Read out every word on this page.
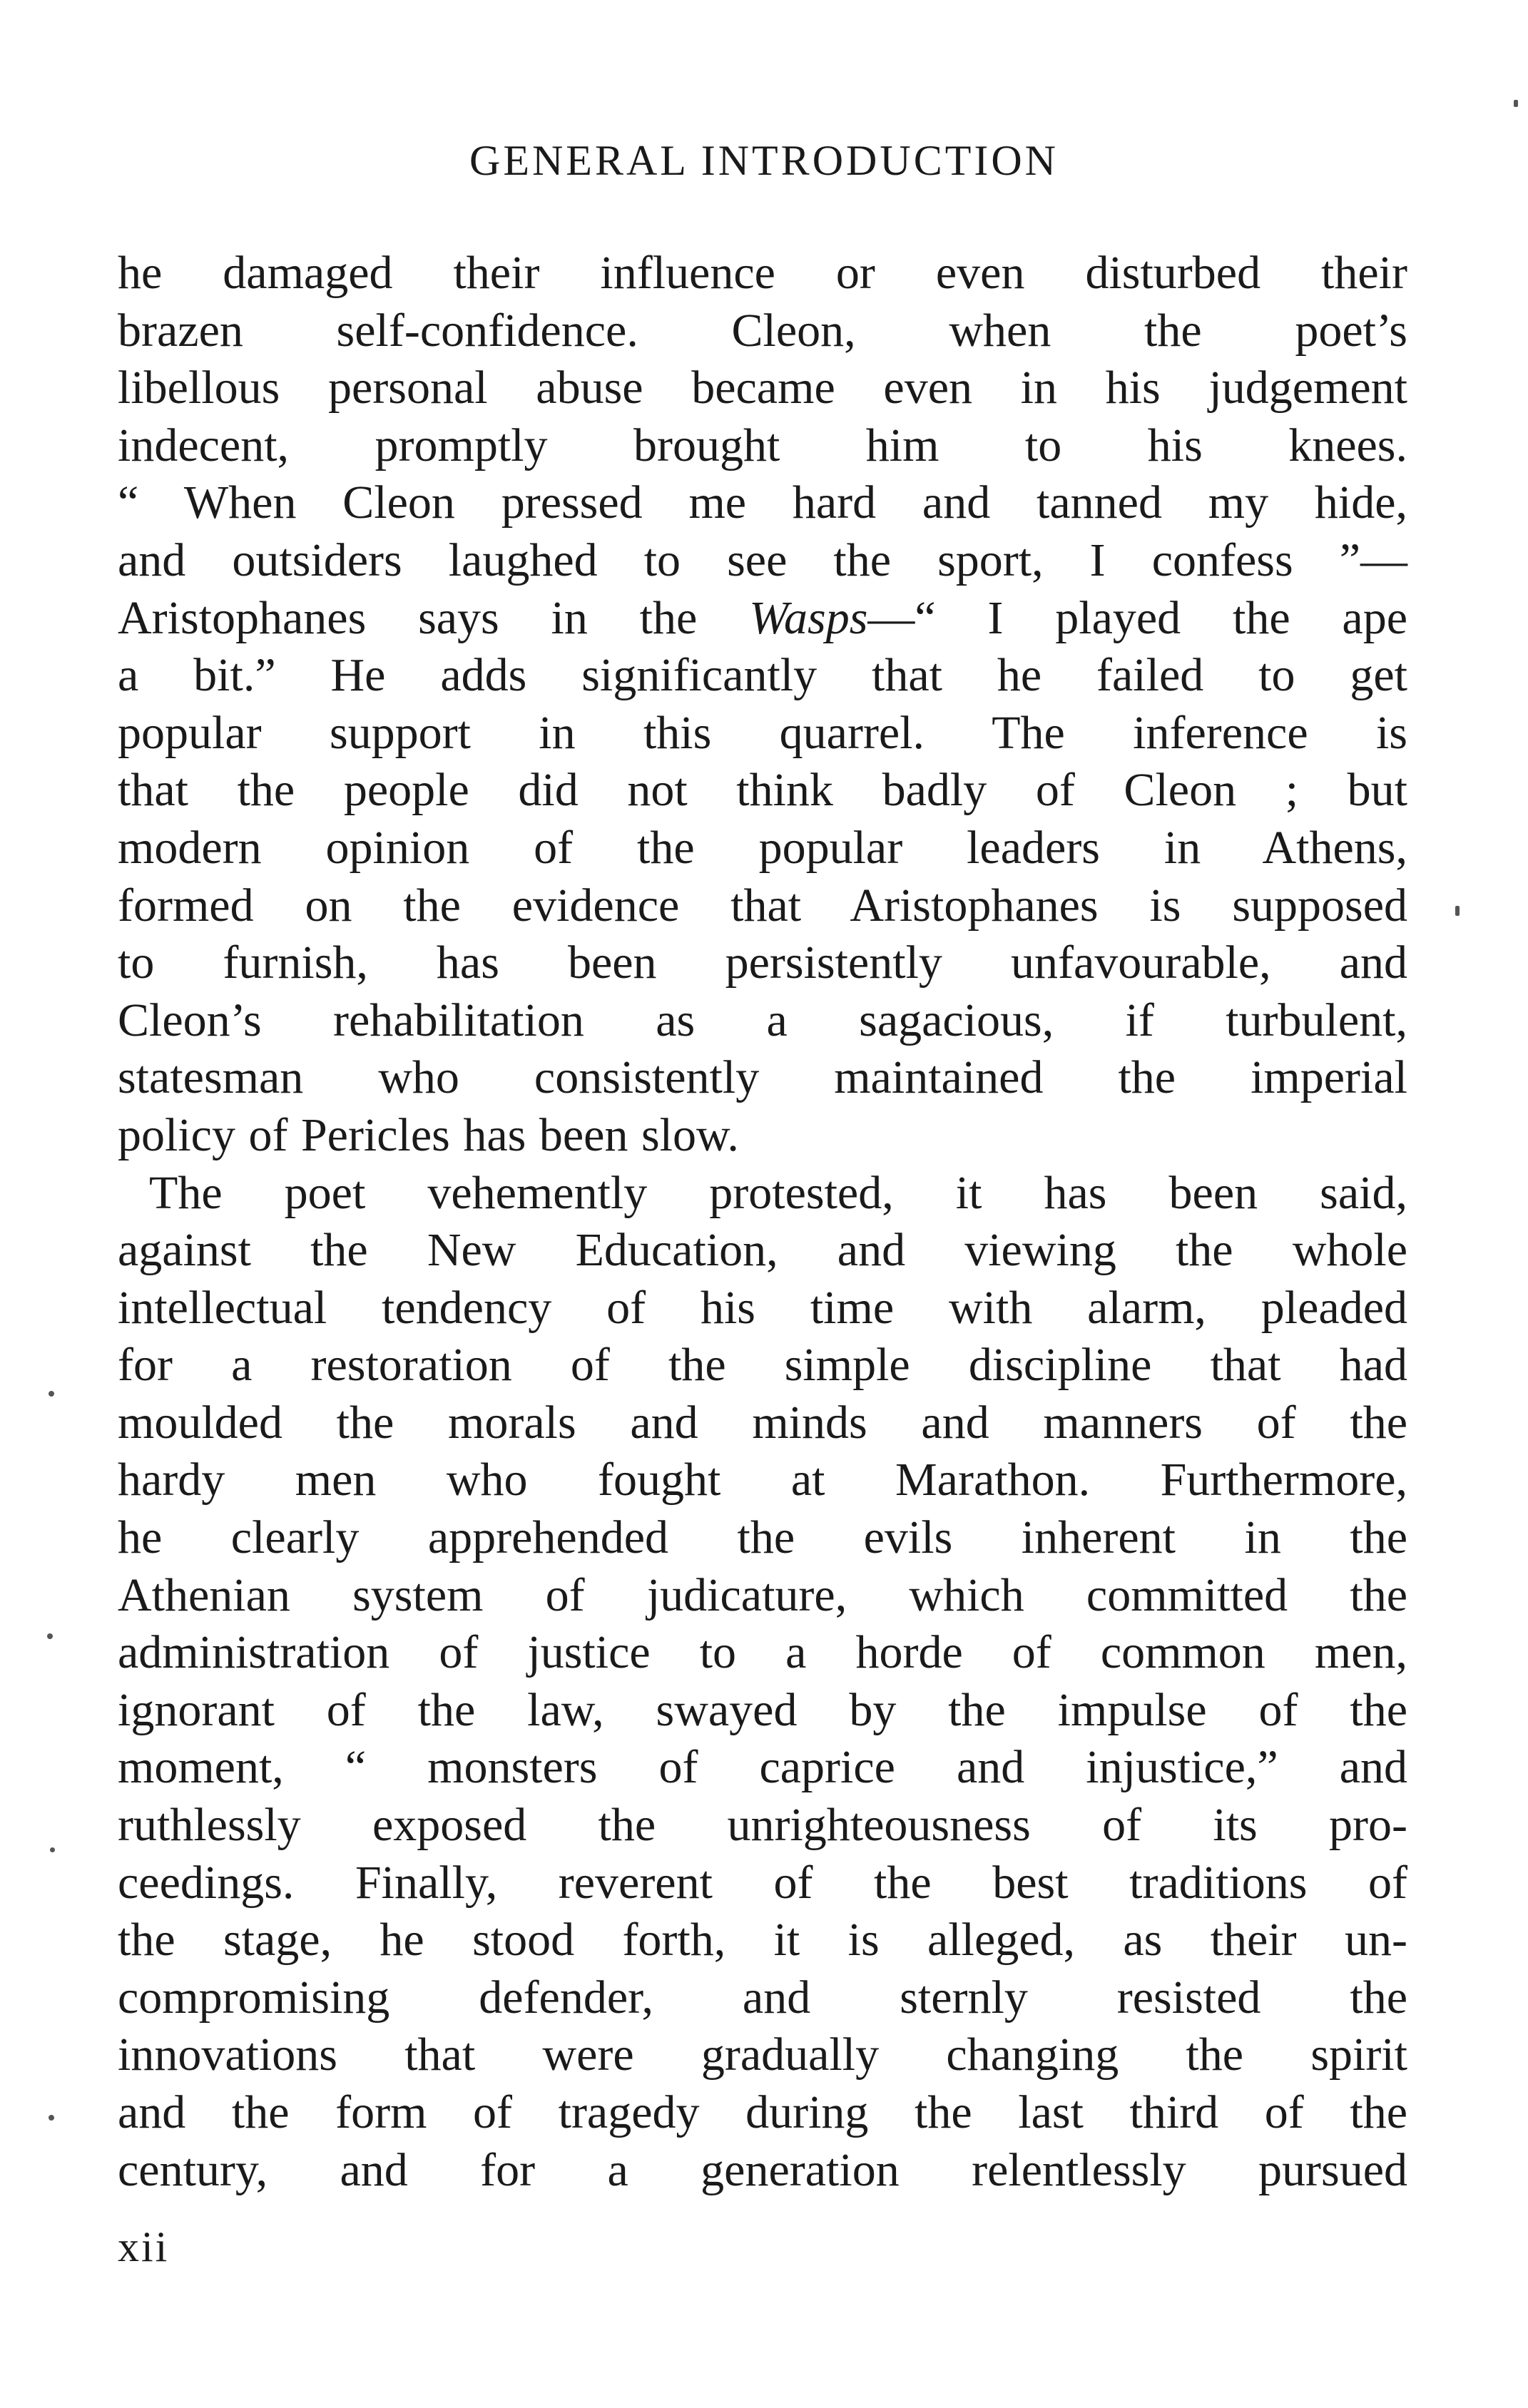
GENERAL INTRODUCTION
he damaged their influence or even disturbed their
brazen self-confidence. Cleon, when the poet’s
libellous personal abuse became even in his judgement
indecent, promptly brought him to his knees.
“ When Cleon pressed me hard and tanned my hide,
and outsiders laughed to see the sport, I confess ”—
Aristophanes says in the Wasps—“ I played the ape
a bit.” He adds significantly that he failed to get
popular support in this quarrel. The inference is
that the people did not think badly of Cleon ; but
modern opinion of the popular leaders in Athens,
formed on the evidence that Aristophanes is supposed
to furnish, has been persistently unfavourable, and
Cleon’s rehabilitation as a sagacious, if turbulent,
statesman who consistently maintained the imperial
policy of Pericles has been slow.
The poet vehemently protested, it has been said,
against the New Education, and viewing the whole
intellectual tendency of his time with alarm, pleaded
for a restoration of the simple discipline that had
moulded the morals and minds and manners of the
hardy men who fought at Marathon. Furthermore,
he clearly apprehended the evils inherent in the
Athenian system of judicature, which committed the
administration of justice to a horde of common men,
ignorant of the law, swayed by the impulse of the
moment, “ monsters of caprice and injustice,” and
ruthlessly exposed the unrighteousness of its pro-
ceedings. Finally, reverent of the best traditions of
the stage, he stood forth, it is alleged, as their un-
compromising defender, and sternly resisted the
innovations that were gradually changing the spirit
and the form of tragedy during the last third of the
century, and for a generation relentlessly pursued
xii
